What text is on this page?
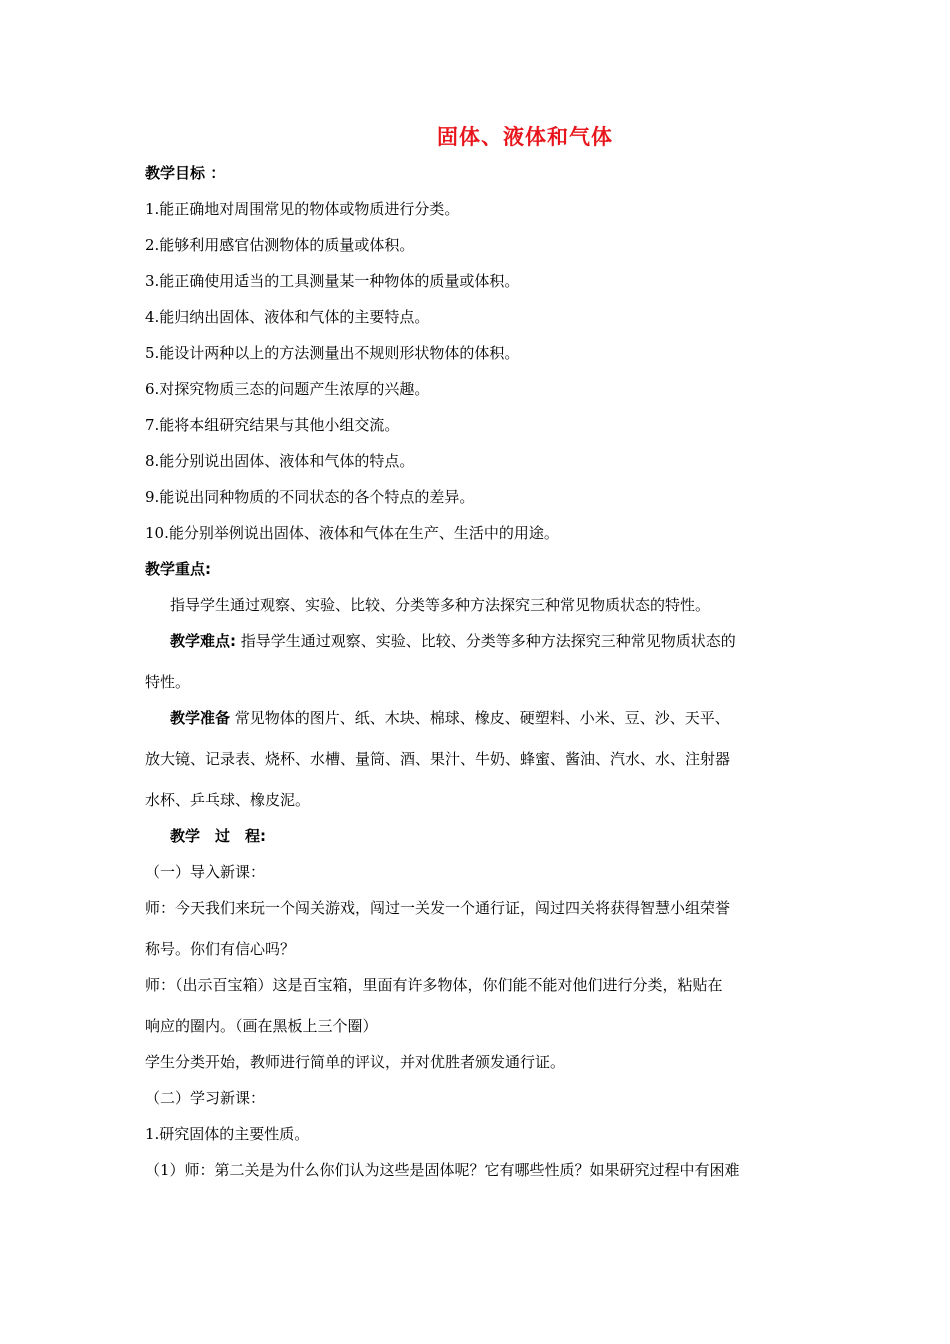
固体、液体和气体
教学目标 ：
1.能正确地对周围常见的物体或物质进行分类。
2.能够利用感官估测物体的质量或体积。
3.能正确使用适当的工具测量某一种物体的质量或体积。
4.能归纳出固体、液体和气体的主要特点。
5.能设计两种以上的方法测量出不规则形状物体的体积。
6.对探究物质三态的问题产生浓厚的兴趣。
7.能将本组研究结果与其他小组交流。
8.能分别说出固体、液体和气体的特点。
9.能说出同种物质的不同状态的各个特点的差异。
10.能分别举例说出固体、液体和气体在生产、生活中的用途。
教学重点:
指导学生通过观察、实验、比较、分类等多种方法探究三种常见物质状态的特性。
教学难点: 指导学生通过观察、实验、比较、分类等多种方法探究三种常见物质状态的
特性。
教学准备 常见物体的图片、纸、木块、棉球、橡皮、硬塑料、小米、豆、沙、天平、
放大镜、记录表、烧杯、水槽、量筒、酒、果汁、牛奶、蜂蜜、酱油、汽水、水、注射器
水杯、乒乓球、橡皮泥。
教学　过　程:
（一）导入新课：
师：今天我们来玩一个闯关游戏，闯过一关发一个通行证，闯过四关将获得智慧小组荣誉
称号。你们有信心吗？
师：（出示百宝箱）这是百宝箱，里面有许多物体，你们能不能对他们进行分类，粘贴在
响应的圈内。（画在黑板上三个圈）
学生分类开始，教师进行简单的评议，并对优胜者颁发通行证。
（二）学习新课：
1.研究固体的主要性质。
（1）师：第二关是为什么你们认为这些是固体呢？它有哪些性质？如果研究过程中有困难
